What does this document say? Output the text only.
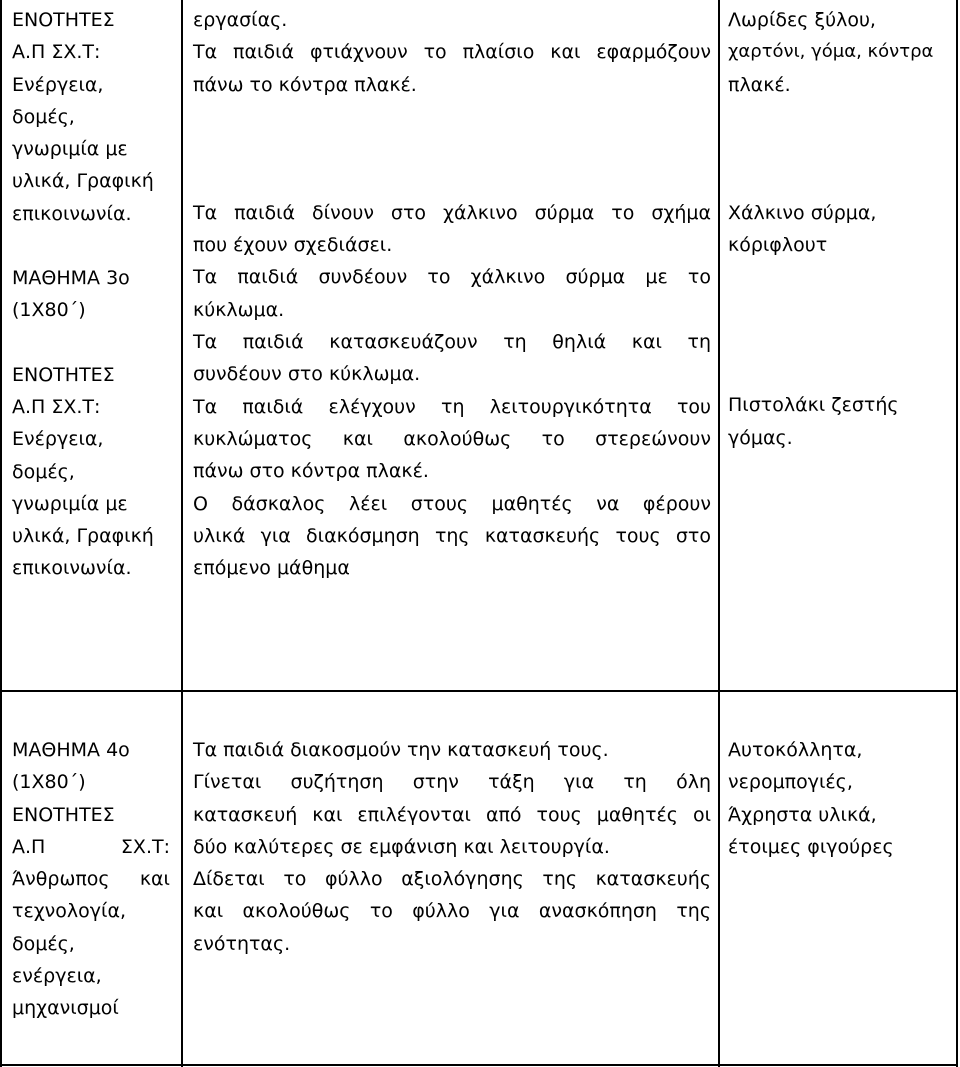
ΕΝΟΤΗΤΕΣ

Α.Π ΣΧ.Τ:

Ενέργεια,

δομές,

γνωριμία με

υλικά, Γραφική

επικοινωνία.

ΜΑΘΗΜΑ 3ο

(1Χ80΄)

ΕΝΟΤΗΤΕΣ

Α.Π ΣΧ.Τ:

Ενέργεια,

δομές,

γνωριμία με

υλικά, Γραφική

επικοινωνία.

εργασίας.

Τα παιδιά φτιάχνουν το πλαίσιο και εφαρμόζουν

πάνω το κόντρα πλακέ.

Τα παιδιά δίνουν στο χάλκινο σύρμα το σχήμα

που έχουν σχεδιάσει.

Τα παιδιά συνδέουν το χάλκινο σύρμα με το

κύκλωμα.

Τα παιδιά κατασκευάζουν τη θηλιά και τη

συνδέουν στο κύκλωμα.

Τα παιδιά ελέγχουν τη λειτουργικότητα του

κυκλώματος και ακολούθως το στερεώνουν

πάνω στο κόντρα πλακέ.

Ο δάσκαλος λέει στους μαθητές να φέρουν

υλικά για διακόσμηση της κατασκευής τους στο

επόμενο μάθημα

Λωρίδες ξύλου,

χαρτόνι, γόμα, κόντρα

πλακέ.

Χάλκινο σύρμα,

κόριφλουτ

Πιστολάκι ζεστής

γόμας.

ΜΑΘΗΜΑ 4ο

(1Χ80΄)

ΕΝΟΤΗΤΕΣ

Α.Π ΣΧ.Τ:

Άνθρωπος και

τεχνολογία,

δομές,

ενέργεια,

μηχανισμοί

Τα παιδιά διακοσμούν την κατασκευή τους.

Γίνεται συζήτηση στην τάξη για τη όλη

κατασκευή και επιλέγονται από τους μαθητές οι

δύο καλύτερες σε εμφάνιση και λειτουργία.

Δίδεται το φύλλο αξιολόγησης της κατασκευής

και ακολούθως το φύλλο για ανασκόπηση της

ενότητας.

Αυτοκόλλητα,

νερομπογιές,

Άχρηστα υλικά,

έτοιμες φιγούρες
